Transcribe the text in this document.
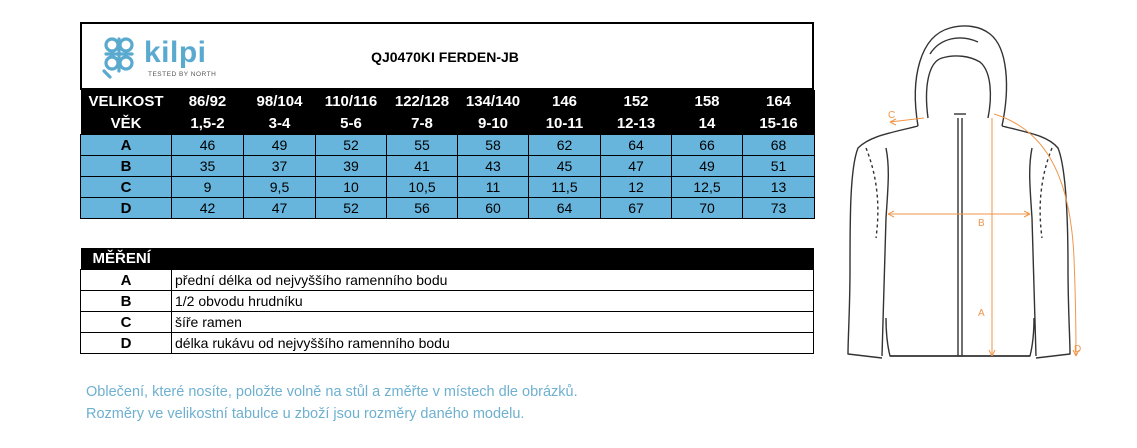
kilpi
TESTED BY NORTH
QJ0470KI FERDEN-JB
VELIKOST	86/92	98/104	110/116	122/128	134/140	146	152	158	164
VĚK	1,5-2	3-4	5-6	7-8	9-10	10-11	12-13	14	15-16
A	46	49	52	55	58	62	64	66	68
B	35	37	39	41	43	45	47	49	51
C	9	9,5	10	10,5	11	11,5	12	12,5	13
D	42	47	52	56	60	64	67	70	73
MĚŘENÍ	
A	přední délka od nejvyššího ramenního bodu
B	1/2 obvodu hrudníku
C	šíře ramen
D	délka rukávu od nejvyššího ramenního bodu
Oblečení, které nosíte, položte volně na stůl a změřte v místech dle obrázků.
Rozměry ve velikostní tabulce u zboží jsou rozměry daného modelu.
C
B
A
D
